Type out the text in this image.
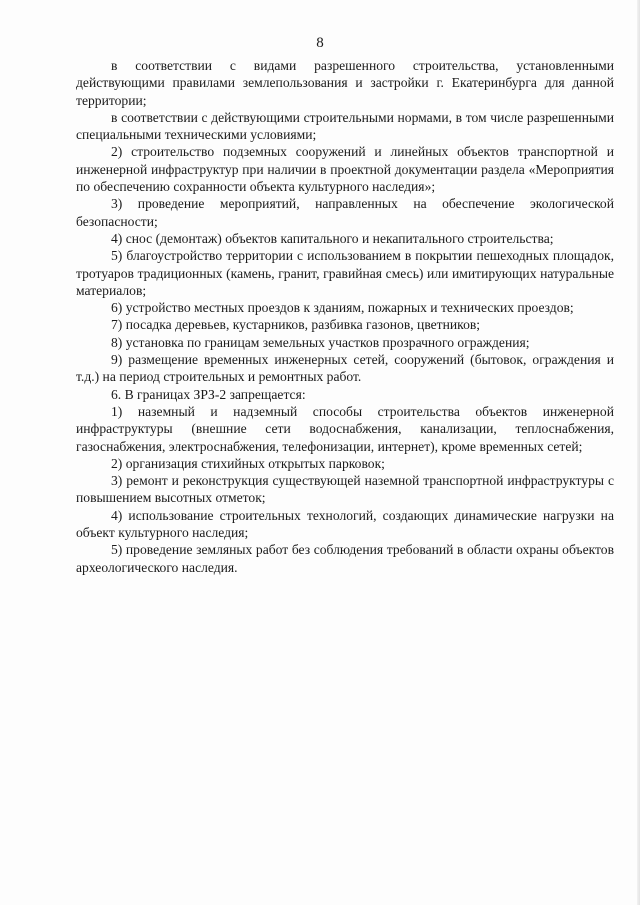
8

в соответствии с видами разрешенного строительства, установленными действующими правилами землепользования и застройки г. Екатеринбурга для данной территории;

в соответствии с действующими строительными нормами, в том числе разрешенными специальными техническими условиями;

2) строительство подземных сооружений и линейных объектов транспортной и инженерной инфраструктур при наличии в проектной документации раздела «Мероприятия по обеспечению сохранности объекта культурного наследия»;

3) проведение мероприятий, направленных на обеспечение экологической безопасности;

4) снос (демонтаж) объектов капитального и некапитального строительства;

5) благоустройство территории с использованием в покрытии пешеходных площадок, тротуаров традиционных (камень, гранит, гравийная смесь) или имитирующих натуральные материалов;

6) устройство местных проездов к зданиям, пожарных и технических проездов;

7) посадка деревьев, кустарников, разбивка газонов, цветников;

8) установка по границам земельных участков прозрачного ограждения;

9) размещение временных инженерных сетей, сооружений (бытовок, ограждения и т.д.) на период строительных и ремонтных работ.

6. В границах ЗРЗ-2 запрещается:

1) наземный и надземный способы строительства объектов инженерной инфраструктуры (внешние сети водоснабжения, канализации, теплоснабжения, газоснабжения, электроснабжения, телефонизации, интернет), кроме временных сетей;

2) организация стихийных открытых парковок;

3) ремонт и реконструкция существующей наземной транспортной инфраструктуры с повышением высотных отметок;

4) использование строительных технологий, создающих динамические нагрузки на объект культурного наследия;

5) проведение земляных работ без соблюдения требований в области охраны объектов археологического наследия.
